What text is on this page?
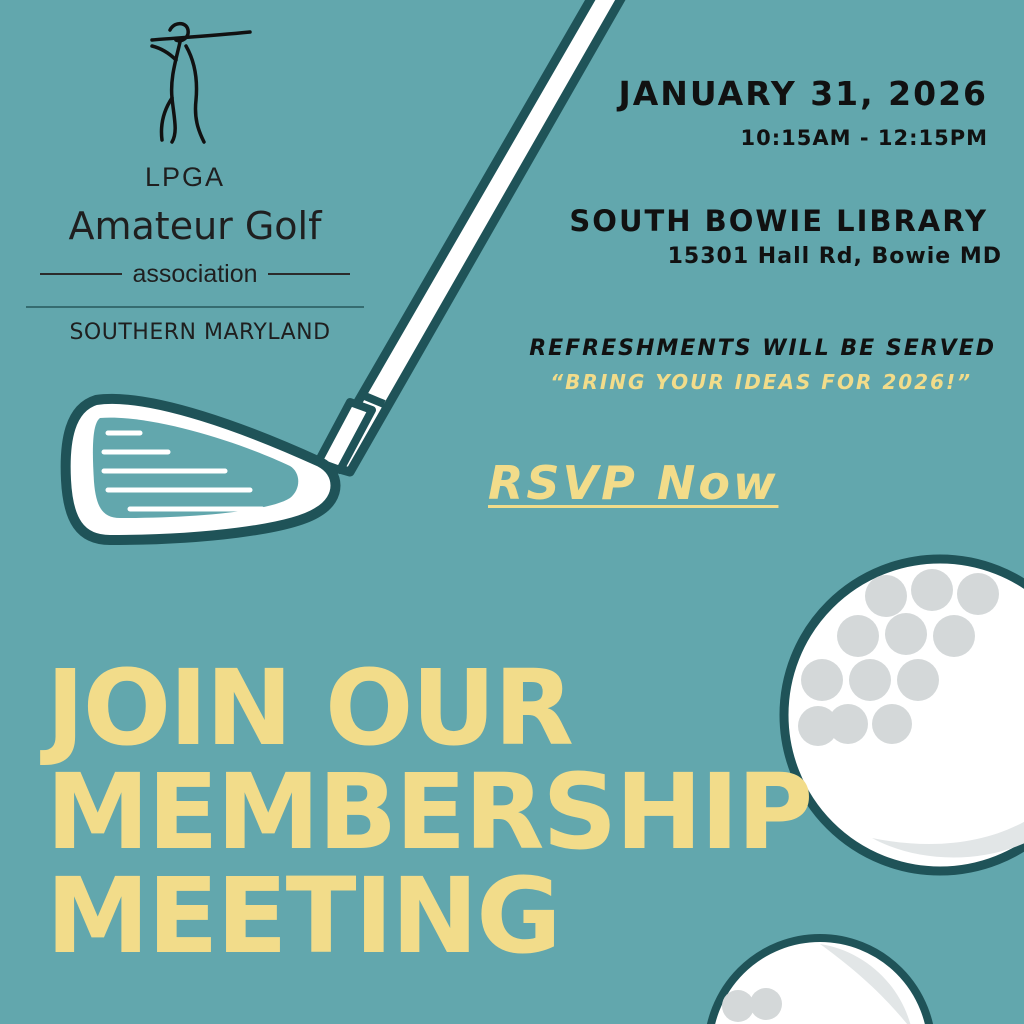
LPGA
Amateur Golf
association
SOUTHERN MARYLAND
JANUARY 31, 2026
10:15AM - 12:15PM
SOUTH BOWIE LIBRARY
15301 Hall Rd, Bowie MD
REFRESHMENTS WILL BE SERVED
“BRING YOUR IDEAS FOR 2026!”
RSVP Now
JOIN OUR
MEMBERSHIP
MEETING
